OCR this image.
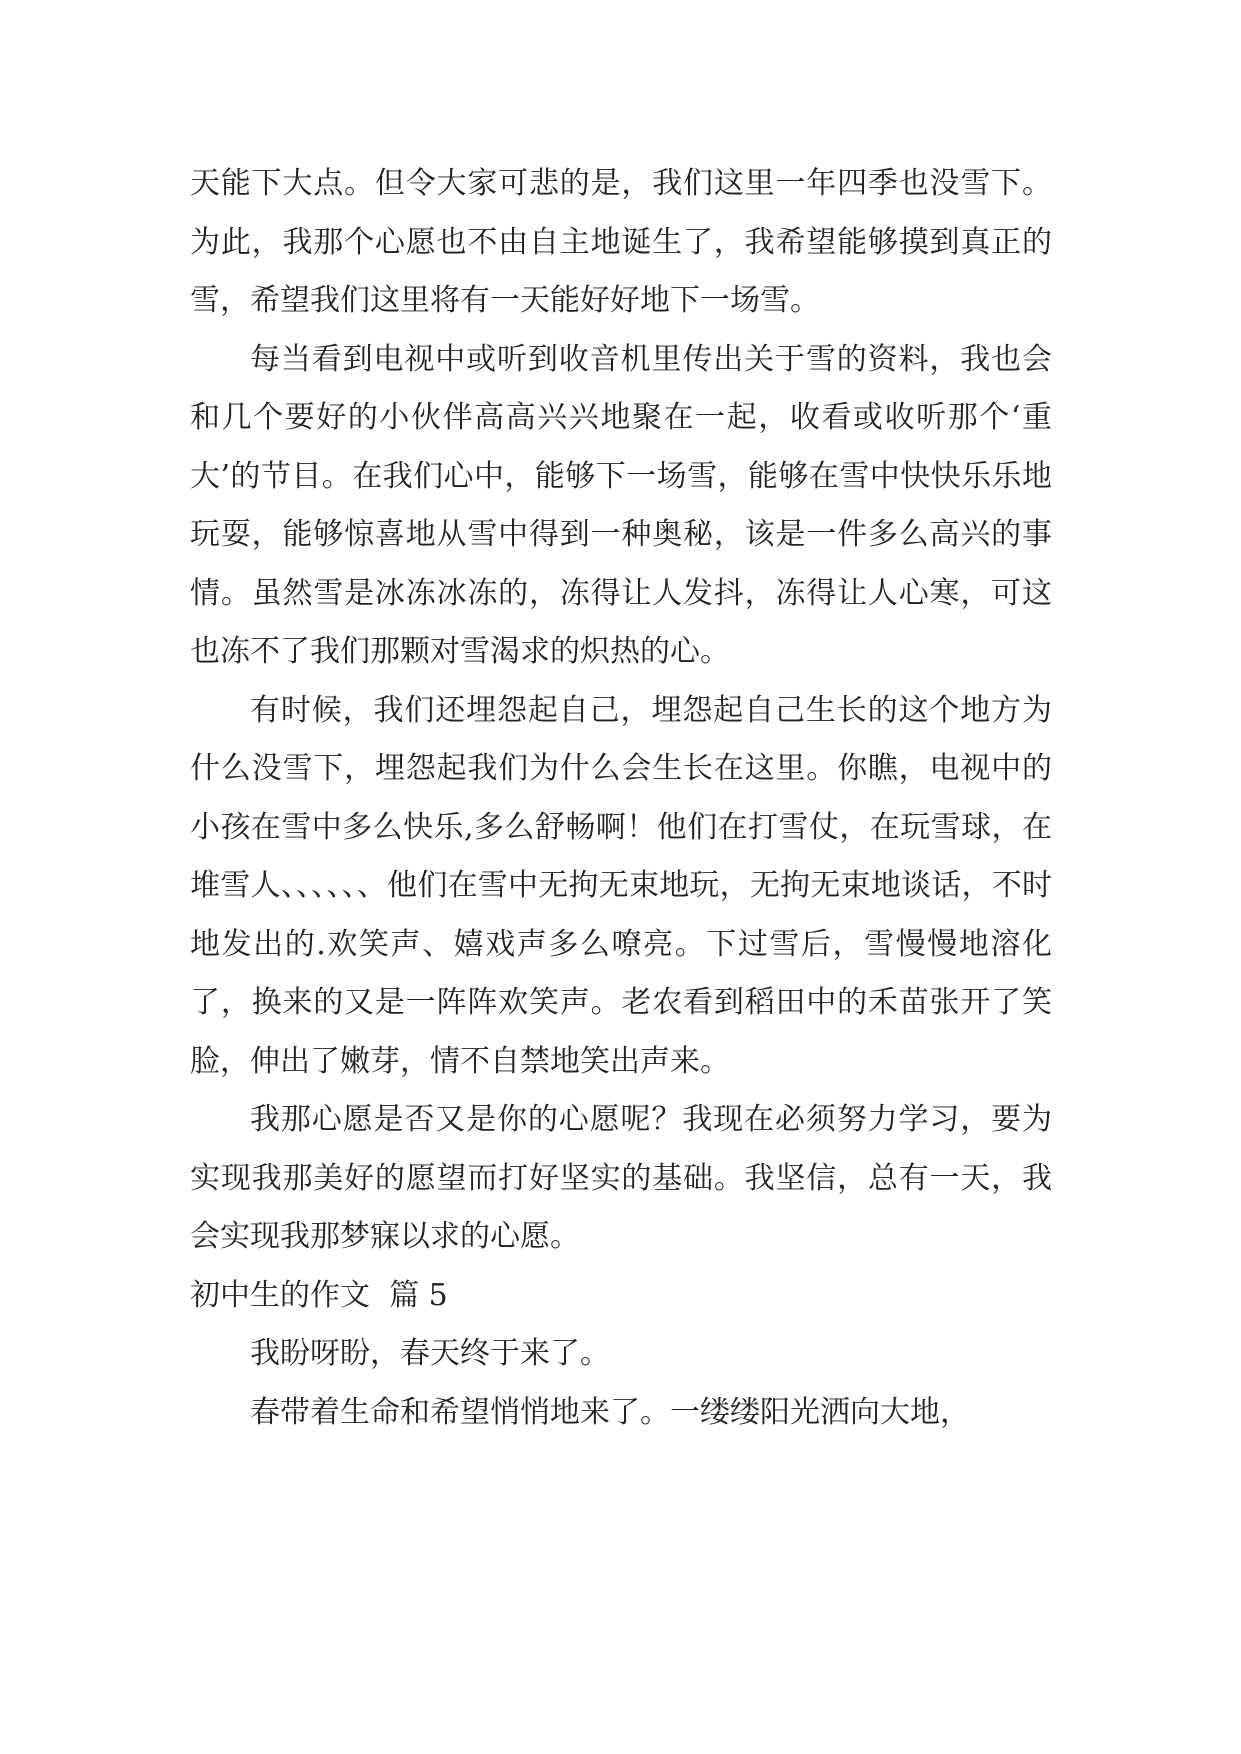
天能下大点。但令大家可悲的是，我们这里一年四季也没雪下。为此，我那个心愿也不由自主地诞生了，我希望能够摸到真正的雪，希望我们这里将有一天能好好地下一场雪。

每当看到电视中或听到收音机里传出关于雪的资料，我也会和几个要好的小伙伴高高兴兴地聚在一起，收看或收听那个‘重大’的节目。在我们心中，能够下一场雪，能够在雪中快快乐乐地玩耍，能够惊喜地从雪中得到一种奥秘，该是一件多么高兴的事情。虽然雪是冰冻冰冻的，冻得让人发抖，冻得让人心寒，可这也冻不了我们那颗对雪渴求的炽热的心。

有时候，我们还埋怨起自己，埋怨起自己生长的这个地方为什么没雪下，埋怨起我们为什么会生长在这里。你瞧，电视中的小孩在雪中多么快乐,多么舒畅啊！他们在打雪仗，在玩雪球，在堆雪人、、、、、、他们在雪中无拘无束地玩，无拘无束地谈话，不时地发出的.欢笑声、嬉戏声多么嘹亮。下过雪后，雪慢慢地溶化了，换来的又是一阵阵欢笑声。老农看到稻田中的禾苗张开了笑脸，伸出了嫩芽，情不自禁地笑出声来。

我那心愿是否又是你的心愿呢？我现在必须努力学习，要为实现我那美好的愿望而打好坚实的基础。我坚信，总有一天，我会实现我那梦寐以求的心愿。

初中生的作文  篇 5

我盼呀盼，春天终于来了。

春带着生命和希望悄悄地来了。一缕缕阳光洒向大地，
